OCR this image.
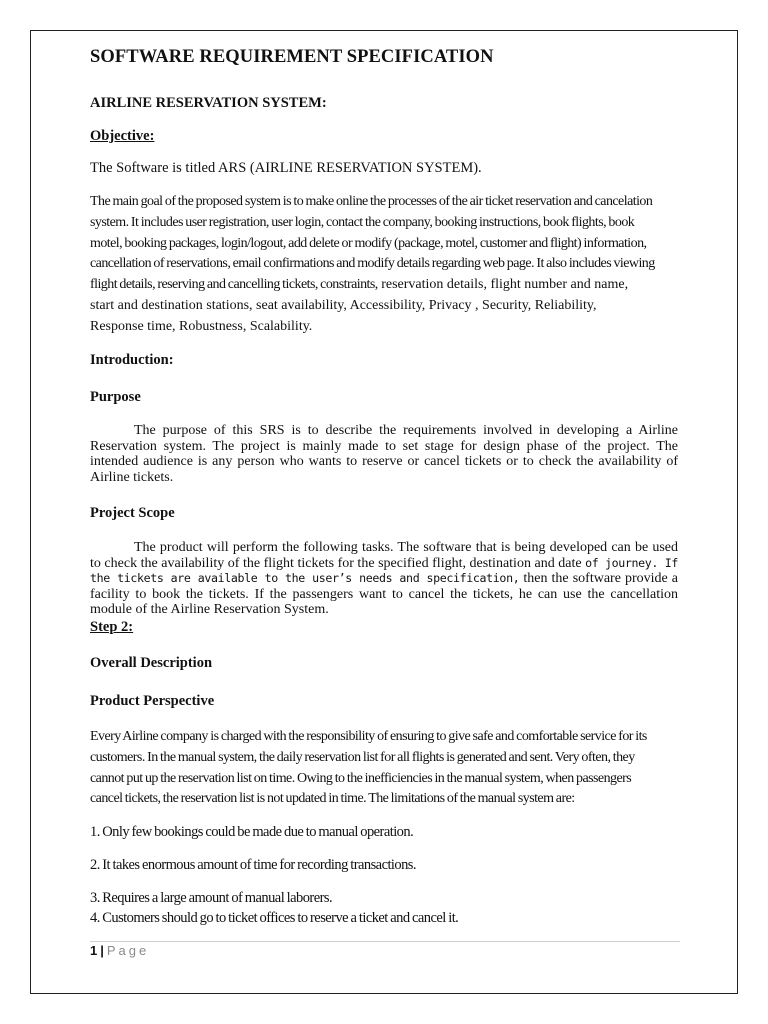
SOFTWARE REQUIREMENT SPECIFICATION
AIRLINE RESERVATION SYSTEM:
Objective:
The Software is titled ARS (AIRLINE RESERVATION SYSTEM).
The main goal of the proposed system is to make online the processes of the air ticket reservation and cancelation
system. It includes user registration, user login, contact the company, booking instructions, book flights, book
motel, booking packages, login/logout, add delete or modify (package, motel, customer and flight) information,
cancellation of reservations, email confirmations and modify details regarding web page. It also includes viewing
flight details, reserving and cancelling tickets, constraints, reservation details, flight number and name,
start and destination stations, seat availability, Accessibility, Privacy , Security, Reliability,
Response time, Robustness, Scalability.
Introduction:
Purpose

The purpose of this SRS is to describe the requirements involved in developing a Airline Reservation system. The project is mainly made to set stage for design phase of the project. The intended audience is any person who wants to reserve or cancel tickets or to check the availability of Airline tickets.

Project Scope

The product will perform the following tasks. The software that is being developed can be used to check the availability of the flight tickets for the specified flight, destination and date of journey. If the tickets are available to the user’s needs and specification, then the software provide a facility to book the tickets. If the passengers want to cancel the tickets, he can use the cancellation module of the Airline Reservation System.

Step 2:
Overall Description
Product Perspective
Every Airline company is charged with the responsibility of ensuring to give safe and comfortable service for its
customers. In the manual system, the daily reservation list for all flights is generated and sent. Very often, they
cannot put up the reservation list on time. Owing to the inefficiencies in the manual system, when passengers
cancel tickets, the reservation list is not updated in time. The limitations of the manual system are:
1. Only few bookings could be made due to manual operation.
2. It takes enormous amount of time for recording transactions.
3. Requires a large amount of manual laborers.
4. Customers should go to ticket offices to reserve a ticket and cancel it.
1 | Page
